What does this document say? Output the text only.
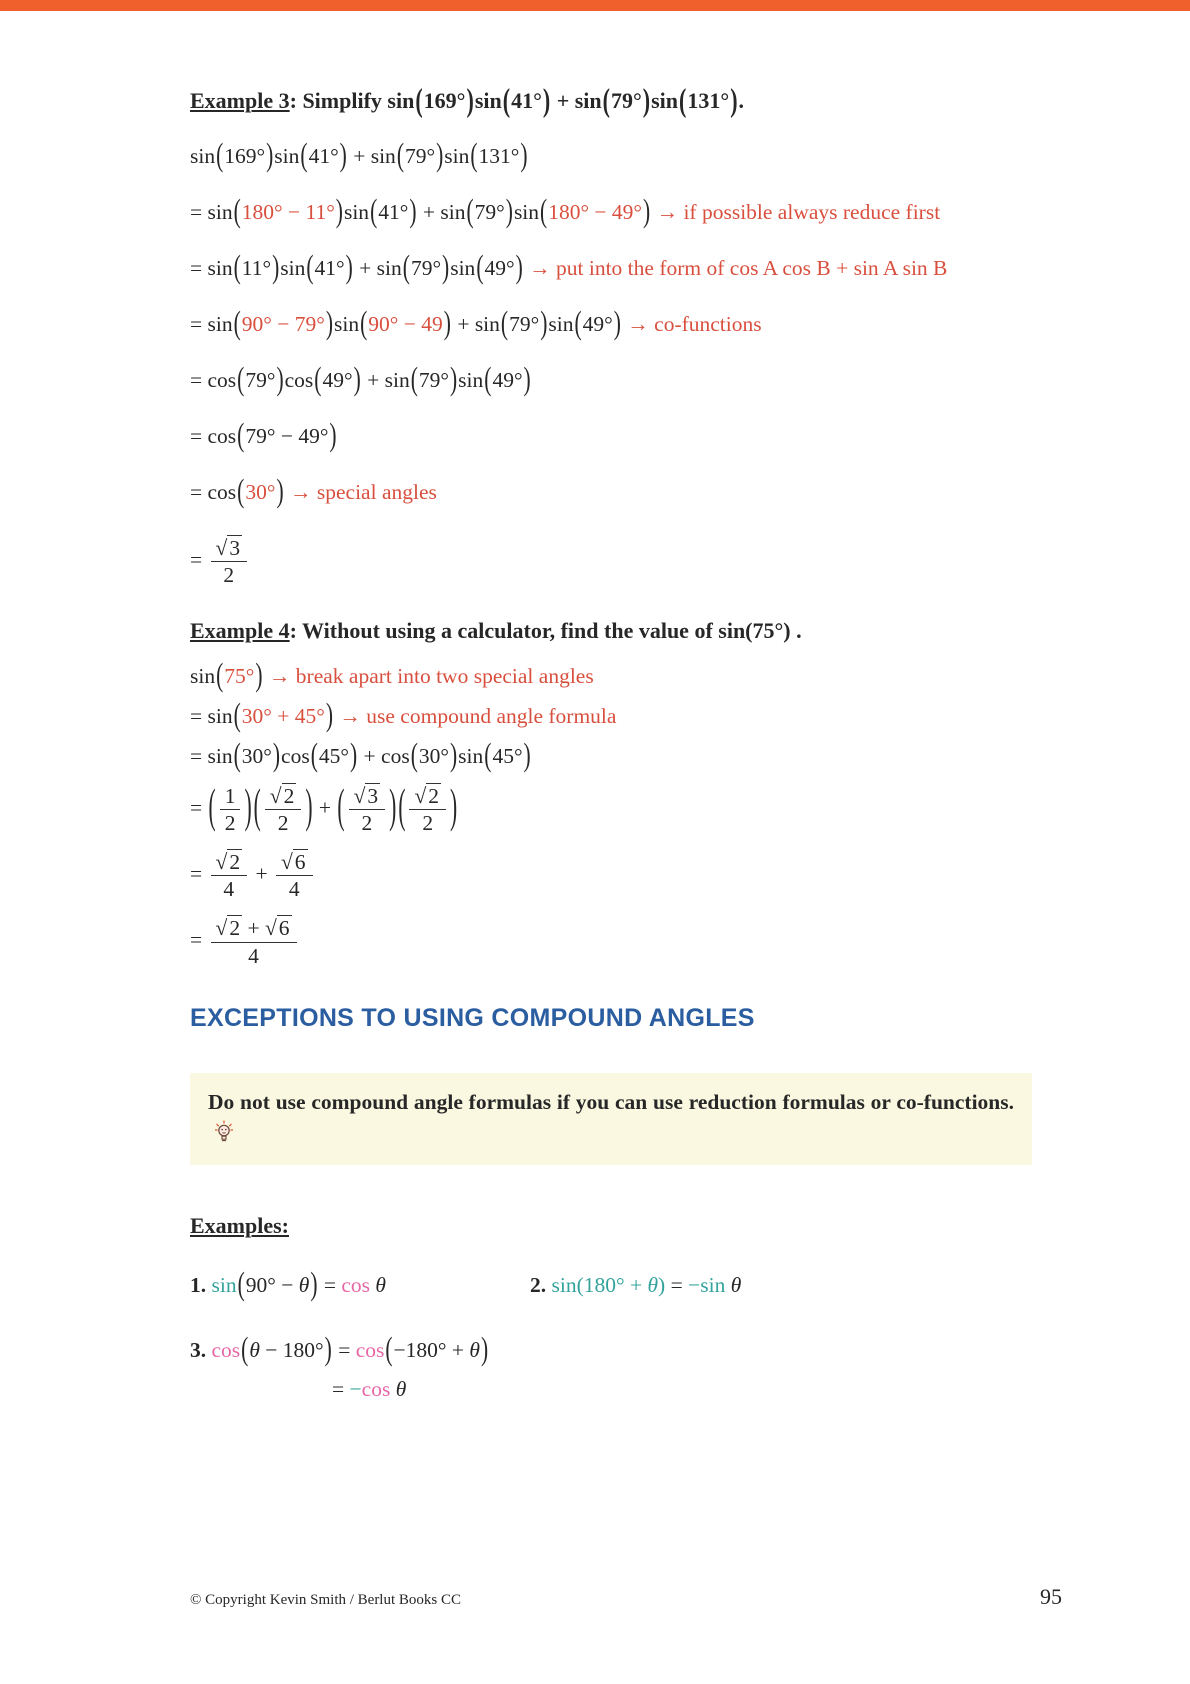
Example 3: Simplify sin(169°)sin(41°) + sin(79°)sin(131°).
sin(169°)sin(41°) + sin(79°)sin(131°)
= sin(180° − 11°)sin(41°) + sin(79°)sin(180° − 49°) → if possible always reduce first
= sin(11°)sin(41°) + sin(79°)sin(49°) → put into the form of cos A cos B + sin A sin B
= sin(90° − 79°)sin(90° − 49) + sin(79°)sin(49°) → co-functions
= cos(79°)cos(49°) + sin(79°)sin(49°)
= cos(79° − 49°)
= cos(30°) → special angles
= $\frac{√3}{2}$
Example 4: Without using a calculator, find the value of sin(75°) .
sin(75°) → break apart into two special angles
= sin(30° + 45°) → use compound angle formula
= sin(30°)cos(45°) + cos(30°)sin(45°)
= ( $\frac{1}{2}$ )( $\frac{√2}{2}$ ) + ( $\frac{√3}{2}$ )( $\frac{√2}{2}$ )
= $\frac{√2}{4} + \frac{√6}{4}$
= $\frac{√2 + √6}{4}$
EXCEPTIONS TO USING COMPOUND ANGLES
Do not use compound angle formulas if you can use reduction formulas or co-functions.
Examples:
1. sin(90° − θ) = cos θ	2. sin(180° + θ) = −sin θ
3. cos(θ − 180°) = cos(−180° + θ)
= −cos θ
© Copyright Kevin Smith / Berlut Books CC	95
